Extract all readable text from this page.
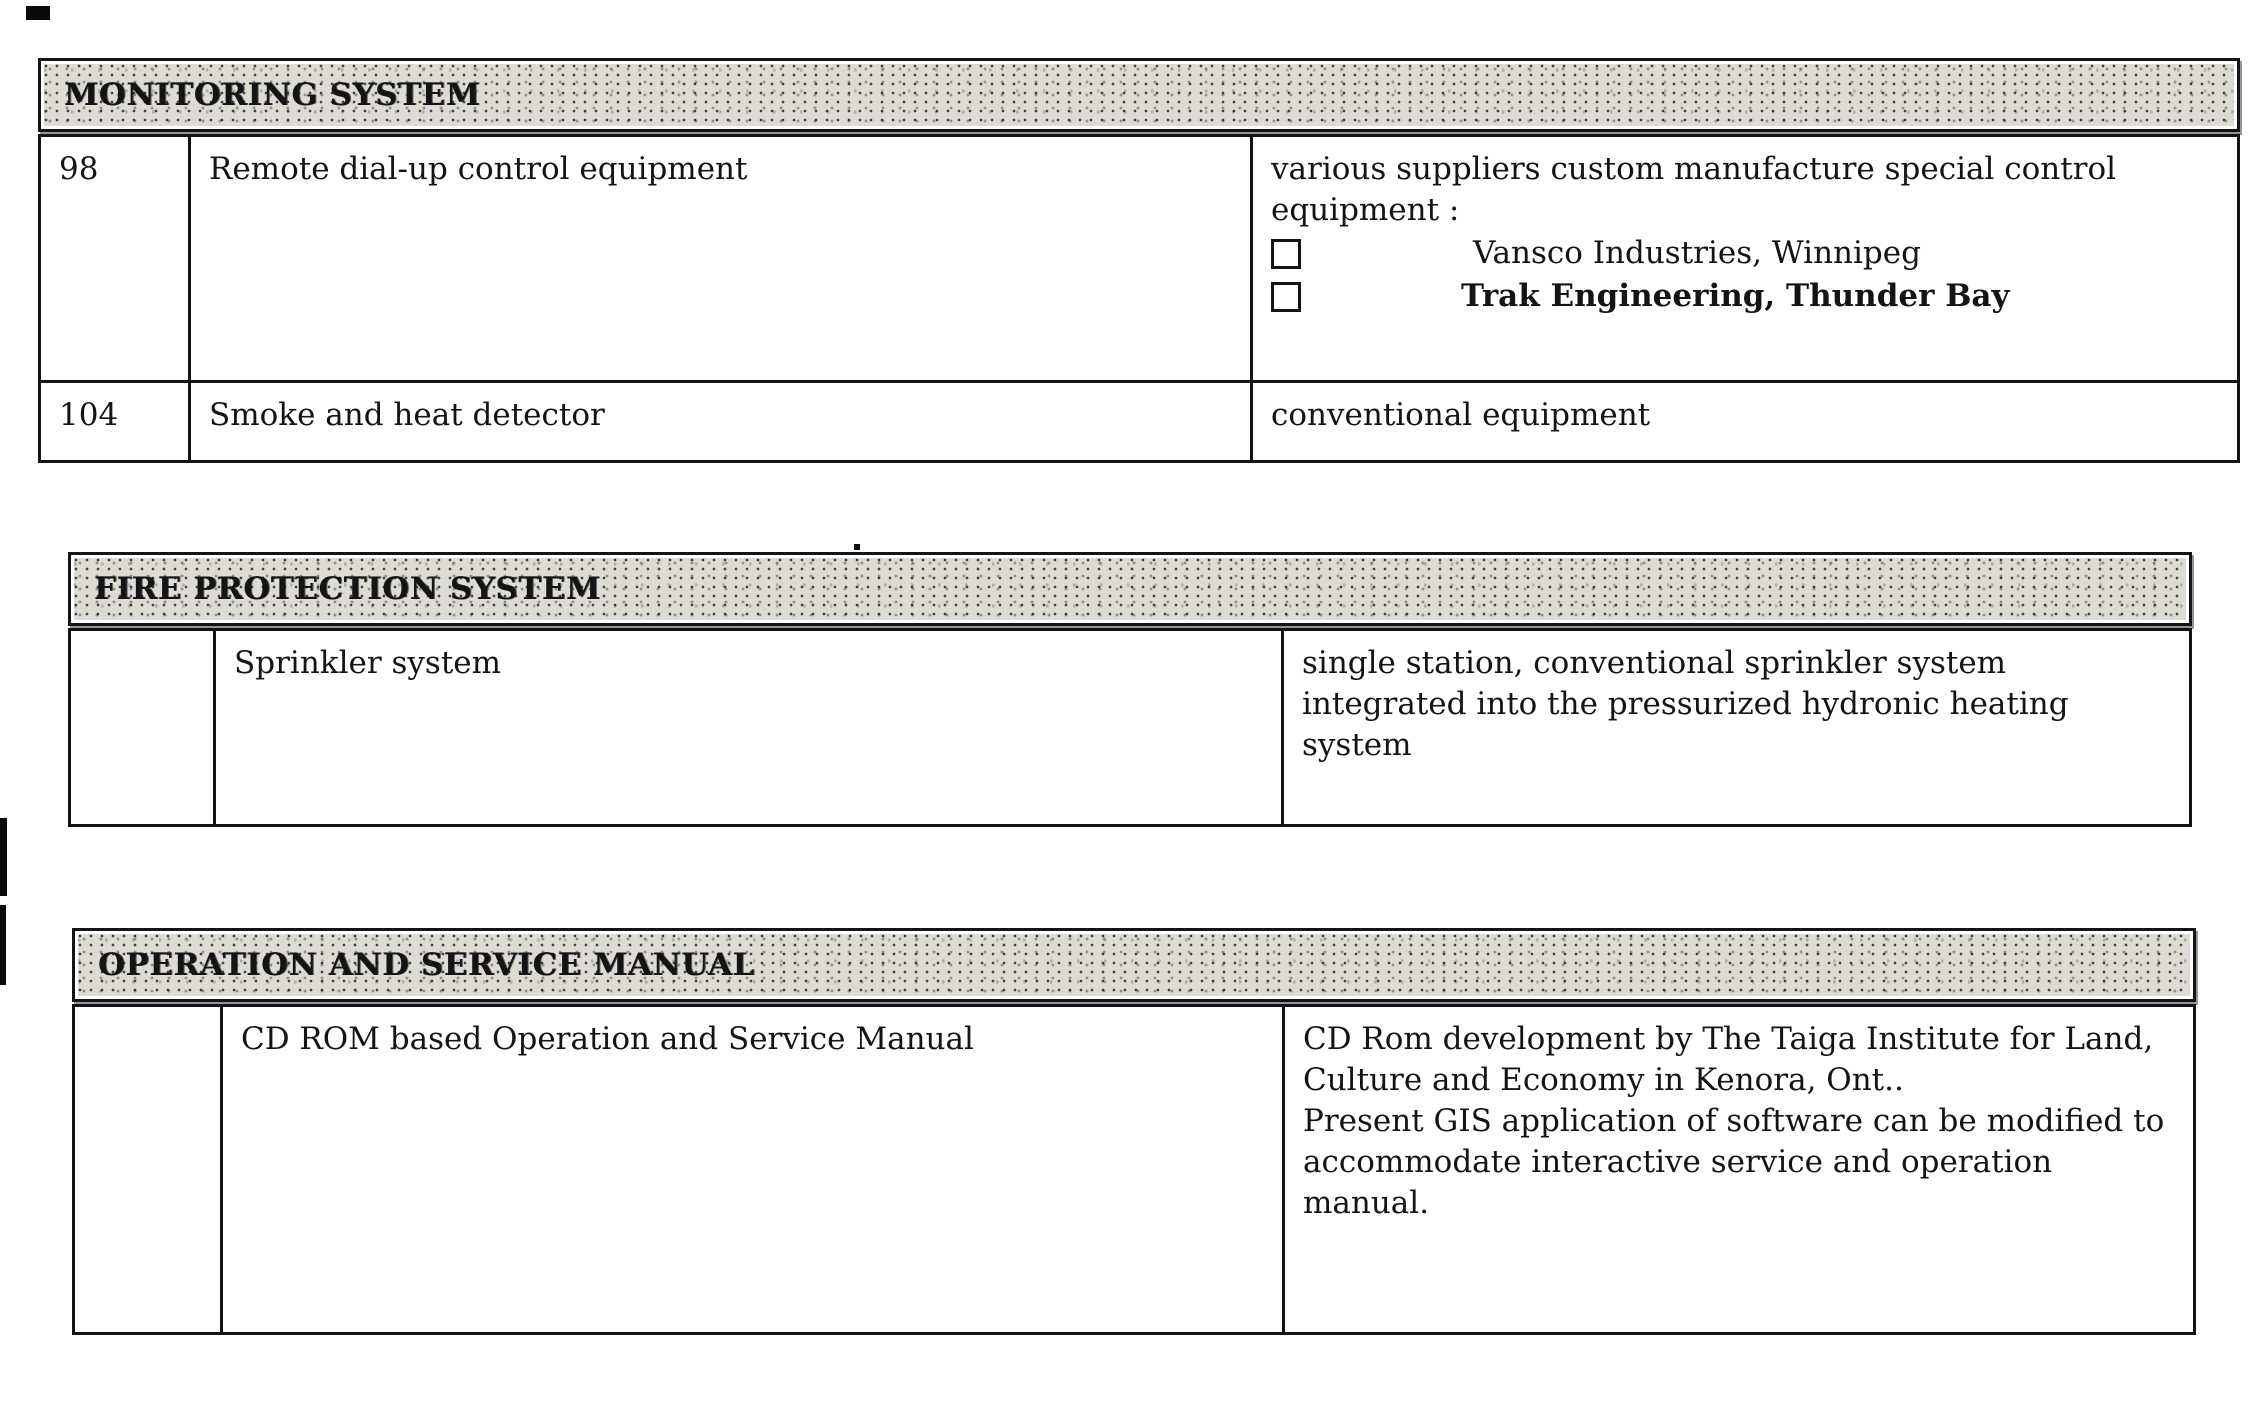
MONITORING SYSTEM
98	Remote dial-up control equipment	various suppliers custom manufacture special control equipment :
Vansco Industries, Winnipeg
Trak Engineering, Thunder Bay

104	Smoke and heat detector	conventional equipment
FIRE PROTECTION SYSTEM
	Sprinkler system	single station, conventional sprinkler system integrated into the pressurized hydronic heating system
OPERATION AND SERVICE MANUAL
	CD ROM based Operation and Service Manual	CD Rom development by The Taiga Institute for Land, Culture and Economy in Kenora, Ont..
Present GIS application of software can be modified to accommodate interactive service and operation manual.
